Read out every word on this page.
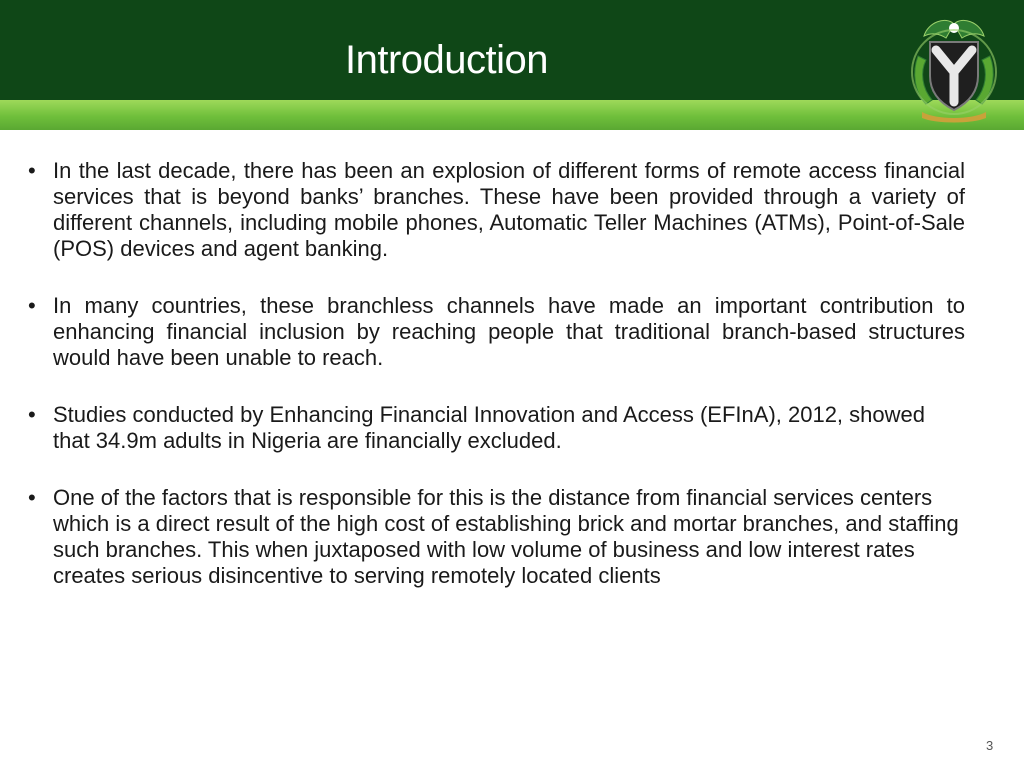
Introduction
• In the last decade, there has been an explosion of different forms of remote access financial services that is beyond banks’ branches. These have been provided through a variety of different channels, including mobile phones, Automatic Teller Machines (ATMs), Point-of-Sale (POS) devices and agent banking.
• In many countries, these branchless channels have made an important contribution to enhancing financial inclusion by reaching people that traditional branch-based structures would have been unable to reach.
• Studies conducted by Enhancing Financial Innovation and Access (EFInA), 2012, showed that 34.9m adults in Nigeria are financially excluded.
• One of the factors that is responsible for this is the distance from financial services centers which is a direct result of the high cost of establishing brick and mortar branches, and staffing such branches. This when juxtaposed with low volume of business and low interest rates creates serious disincentive to serving remotely located clients
3
